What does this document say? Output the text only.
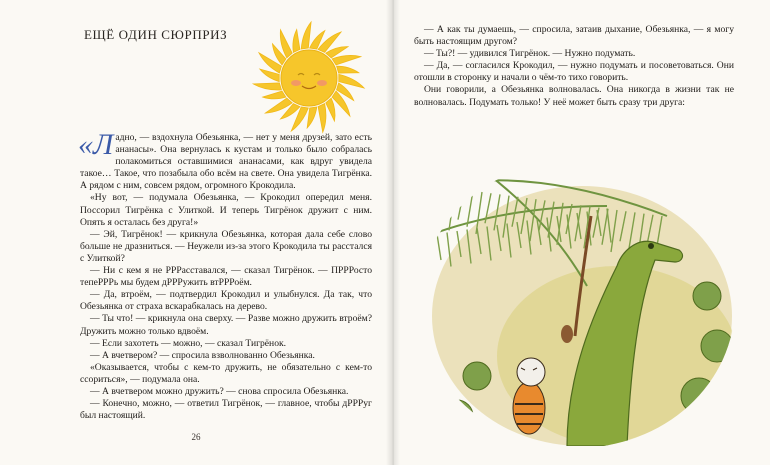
ЕЩЁ ОДИН СЮРПРИЗ

«Ладно, — вздохнула Обезьянка, — нет у меня друзей, зато есть ананасы». Она вернулась к кустам и только было собралась полакомиться оставшимися ананасами, как вдруг увидела такое… Такое, что позабыла обо всём на свете. Она увидела Тигрёнка. А рядом с ним, совсем рядом, огромного Крокодила.

«Ну вот, — подумала Обезьянка, — Крокодил опередил меня. Поссорил Тигрёнка с Улиткой. И теперь Тигрёнок дружит с ним. Опять я осталась без друга!»

— Эй, Тигрёнок! — крикнула Обезьянка, которая дала себе слово больше не дразниться. — Неужели из-за этого Крокодила ты расстался с Улиткой?

— Ни с кем я не РРРасставался, — сказал Тигрёнок. — ПРРРосто тепеРРРь мы будем дРРРужить втРРРоём.

— Да, втроём, — подтвердил Крокодил и улыбнулся. Да так, что Обезьянка от страха вскарабкалась на дерево.

— Ты что! — крикнула она сверху. — Разве можно дружить втроём? Дружить можно только вдвоём.

— Если захотеть — можно, — сказал Тигрёнок.

— А вчетвером? — спросила взволнованно Обезьянка.

«Оказывается, чтобы с кем-то дружить, не обязательно с кем-то ссориться», — подумала она.

— А вчетвером можно дружить? — снова спросила Обезьянка.

— Конечно, можно, — ответил Тигрёнок, — главное, чтобы дРРРуг был настоящий.

26

— А как ты думаешь, — спросила, затаив дыхание, Обезьянка, — я могу быть настоящим другом?

— Ты?! — удивился Тигрёнок. — Нужно подумать.

— Да, — согласился Крокодил, — нужно подумать и посоветоваться. Они отошли в сторонку и начали о чём-то тихо говорить.

Они говорили, а Обезьянка волновалась. Она никогда в жизни так не волновалась. Подумать только! У неё может быть сразу три друга:
